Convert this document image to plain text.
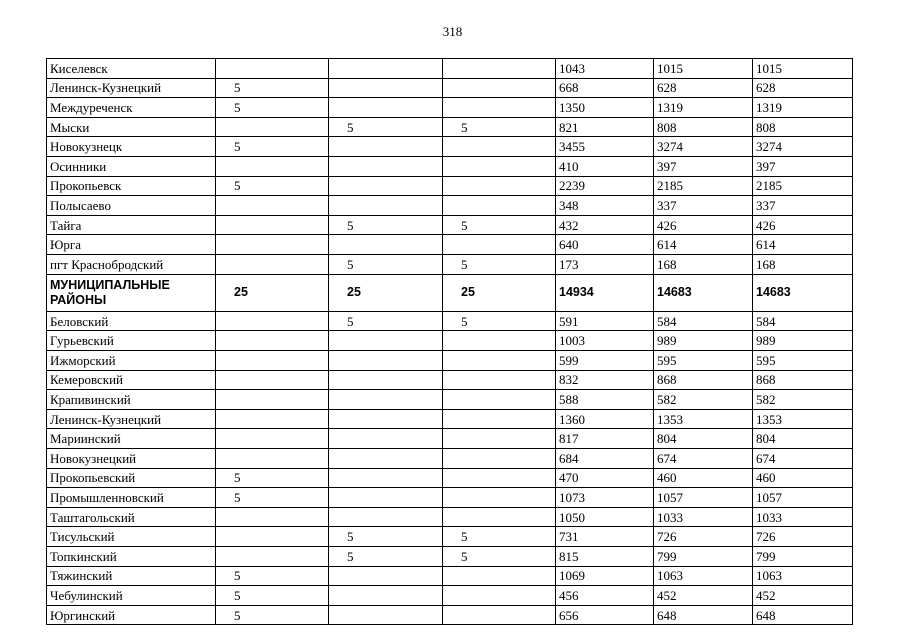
318
Киселевск				1043	1015	1015
Ленинск-Кузнецкий	5			668	628	628
Междуреченск	5			1350	1319	1319
Мыски		5	5	821	808	808
Новокузнецк	5			3455	3274	3274
Осинники				410	397	397
Прокопьевск	5			2239	2185	2185
Полысаево				348	337	337
Тайга		5	5	432	426	426
Юрга				640	614	614
пгт Краснобродский		5	5	173	168	168
МУНИЦИПАЛЬНЫЕ РАЙОНЫ	25	25	25	14934	14683	14683
Беловский		5	5	591	584	584
Гурьевский				1003	989	989
Ижморский				599	595	595
Кемеровский				832	868	868
Крапивинский				588	582	582
Ленинск-Кузнецкий				1360	1353	1353
Мариинский				817	804	804
Новокузнецкий				684	674	674
Прокопьевский	5			470	460	460
Промышленновский	5			1073	1057	1057
Таштагольский				1050	1033	1033
Тисульский		5	5	731	726	726
Топкинский		5	5	815	799	799
Тяжинский	5			1069	1063	1063
Чебулинский	5			456	452	452
Юргинский	5			656	648	648
